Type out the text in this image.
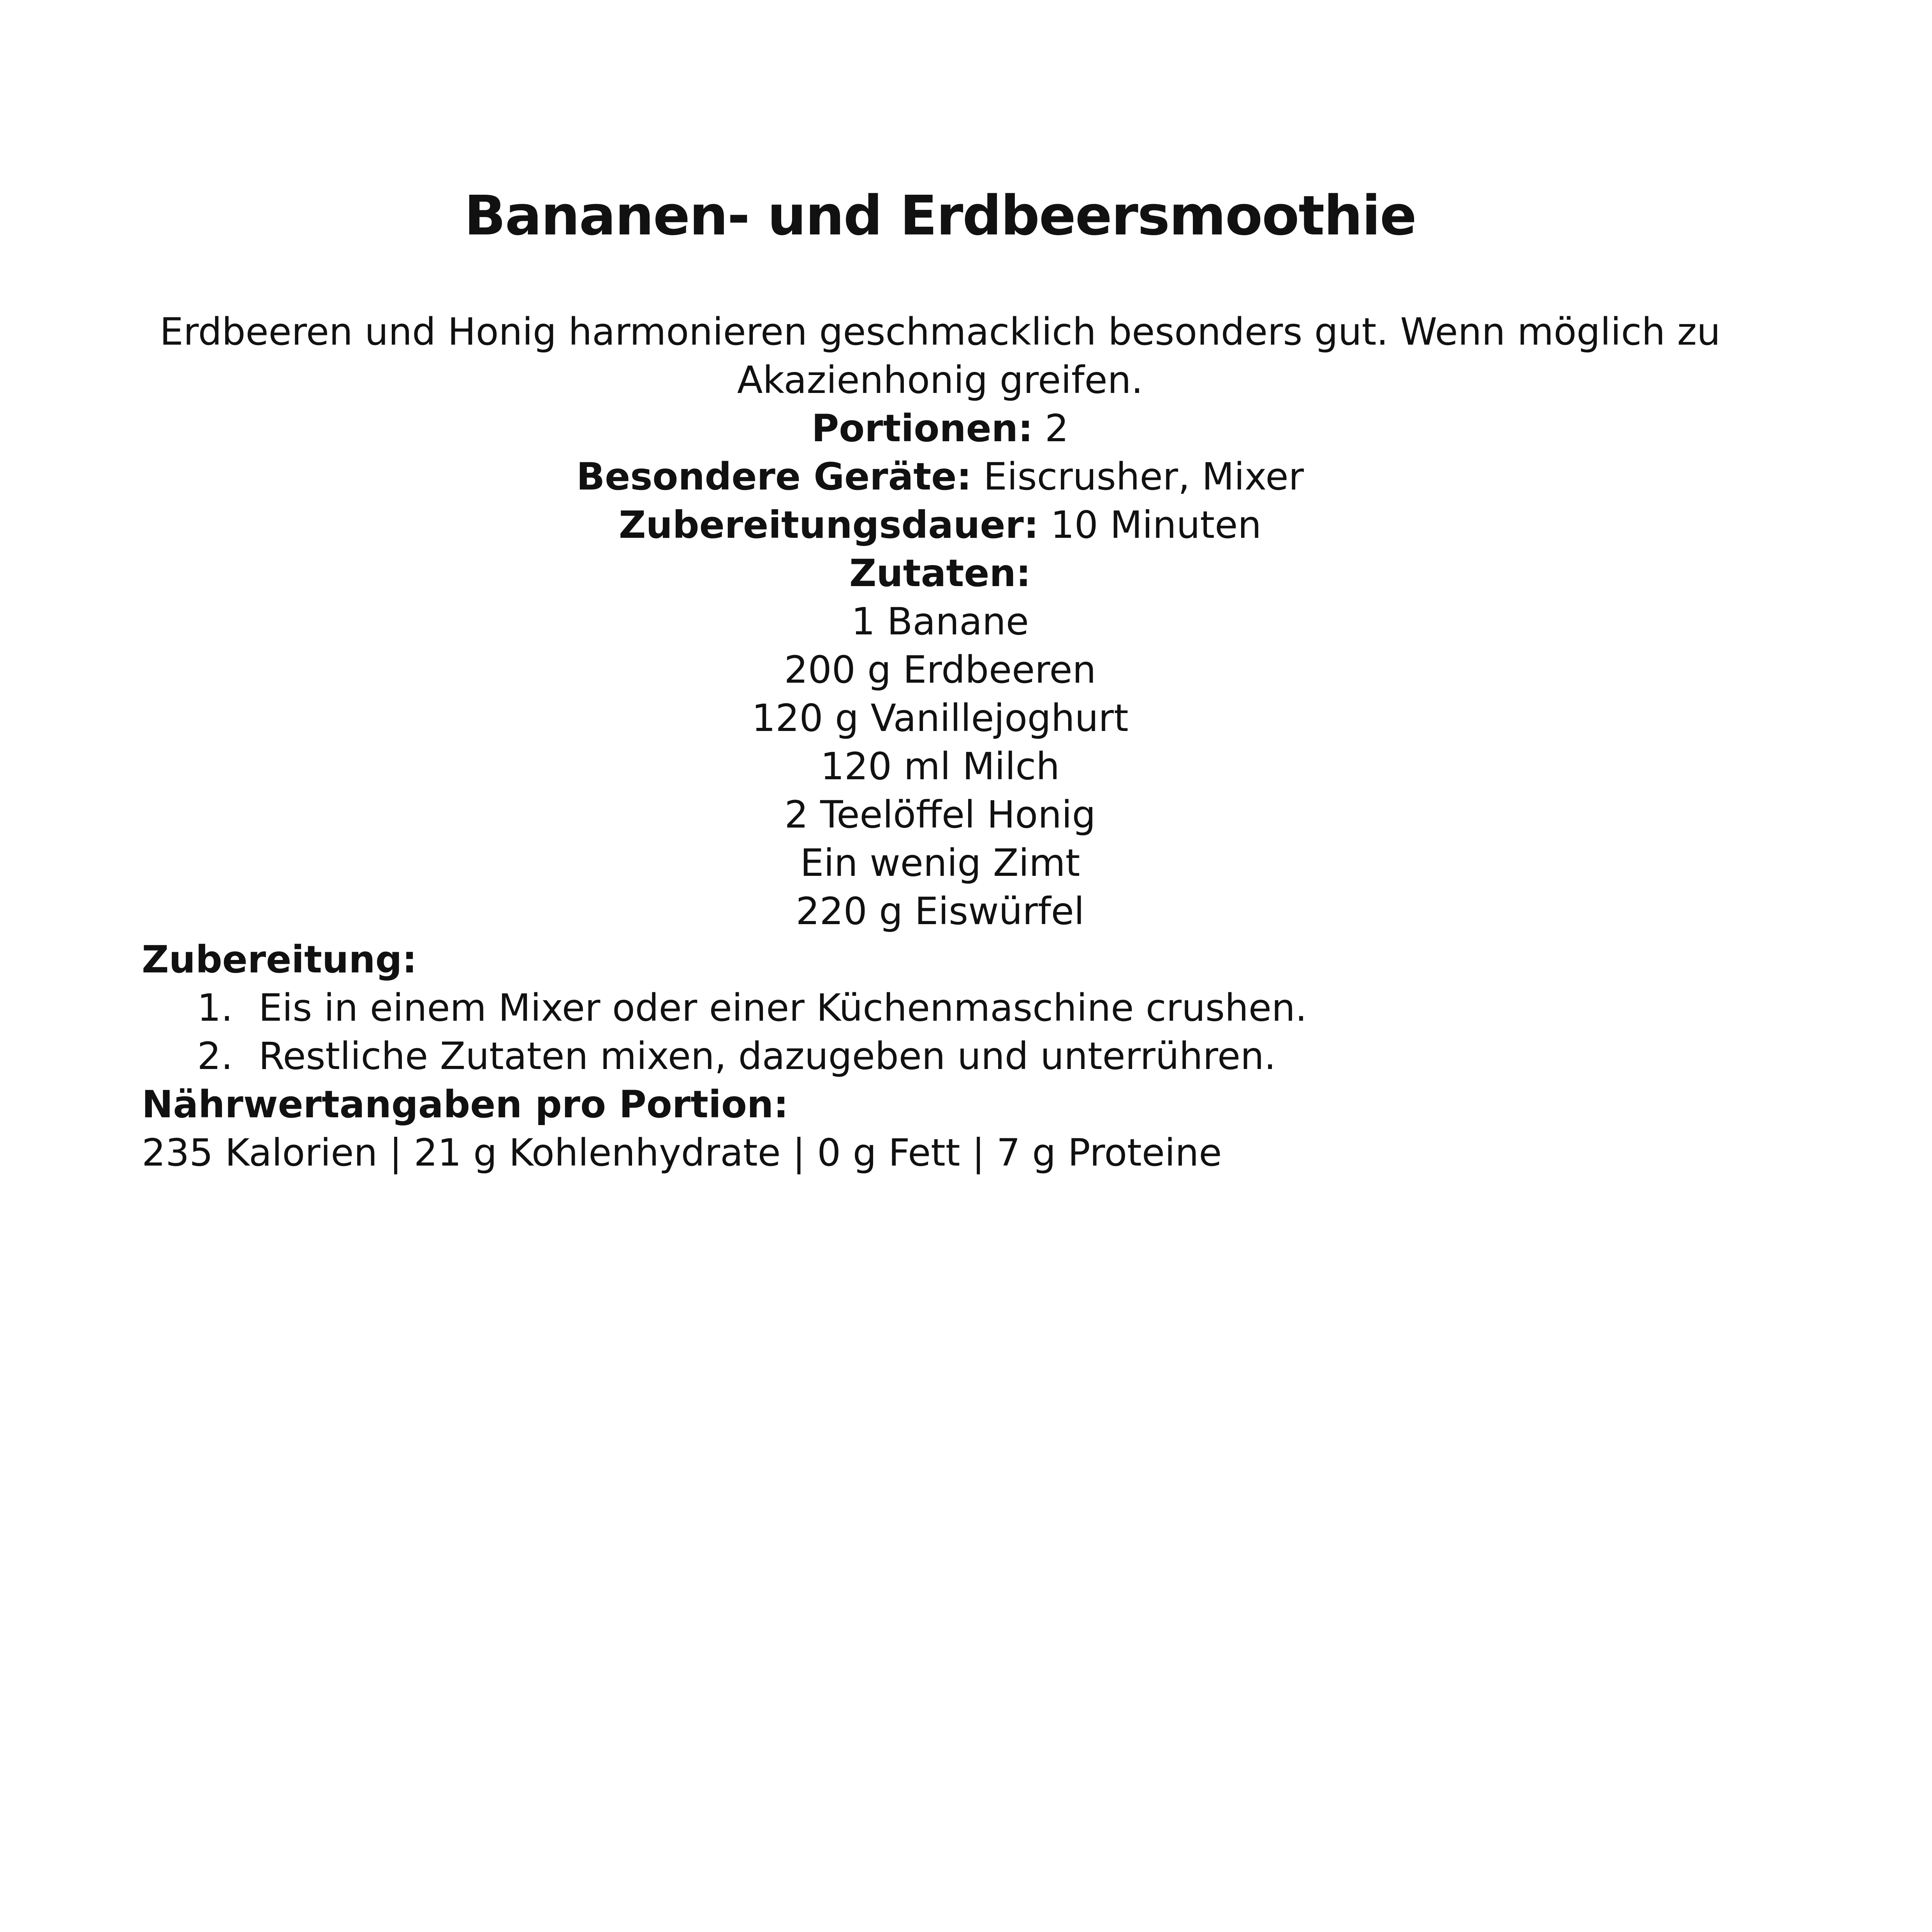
Bananen- und Erdbeersmoothie
Erdbeeren und Honig harmonieren geschmacklich besonders gut. Wenn möglich zu Akazienhonig greifen.
Portionen: 2
Besondere Geräte: Eiscrusher, Mixer
Zubereitungsdauer: 10 Minuten
Zutaten:
1 Banane
200 g Erdbeeren
120 g Vanillejoghurt
120 ml Milch
2 Teelöffel Honig
Ein wenig Zimt
220 g Eiswürfel
Zubereitung:
1. Eis in einem Mixer oder einer Küchenmaschine crushen.
2. Restliche Zutaten mixen, dazugeben und unterrühren.
Nährwertangaben pro Portion:
235 Kalorien | 21 g Kohlenhydrate | 0 g Fett | 7 g Proteine
